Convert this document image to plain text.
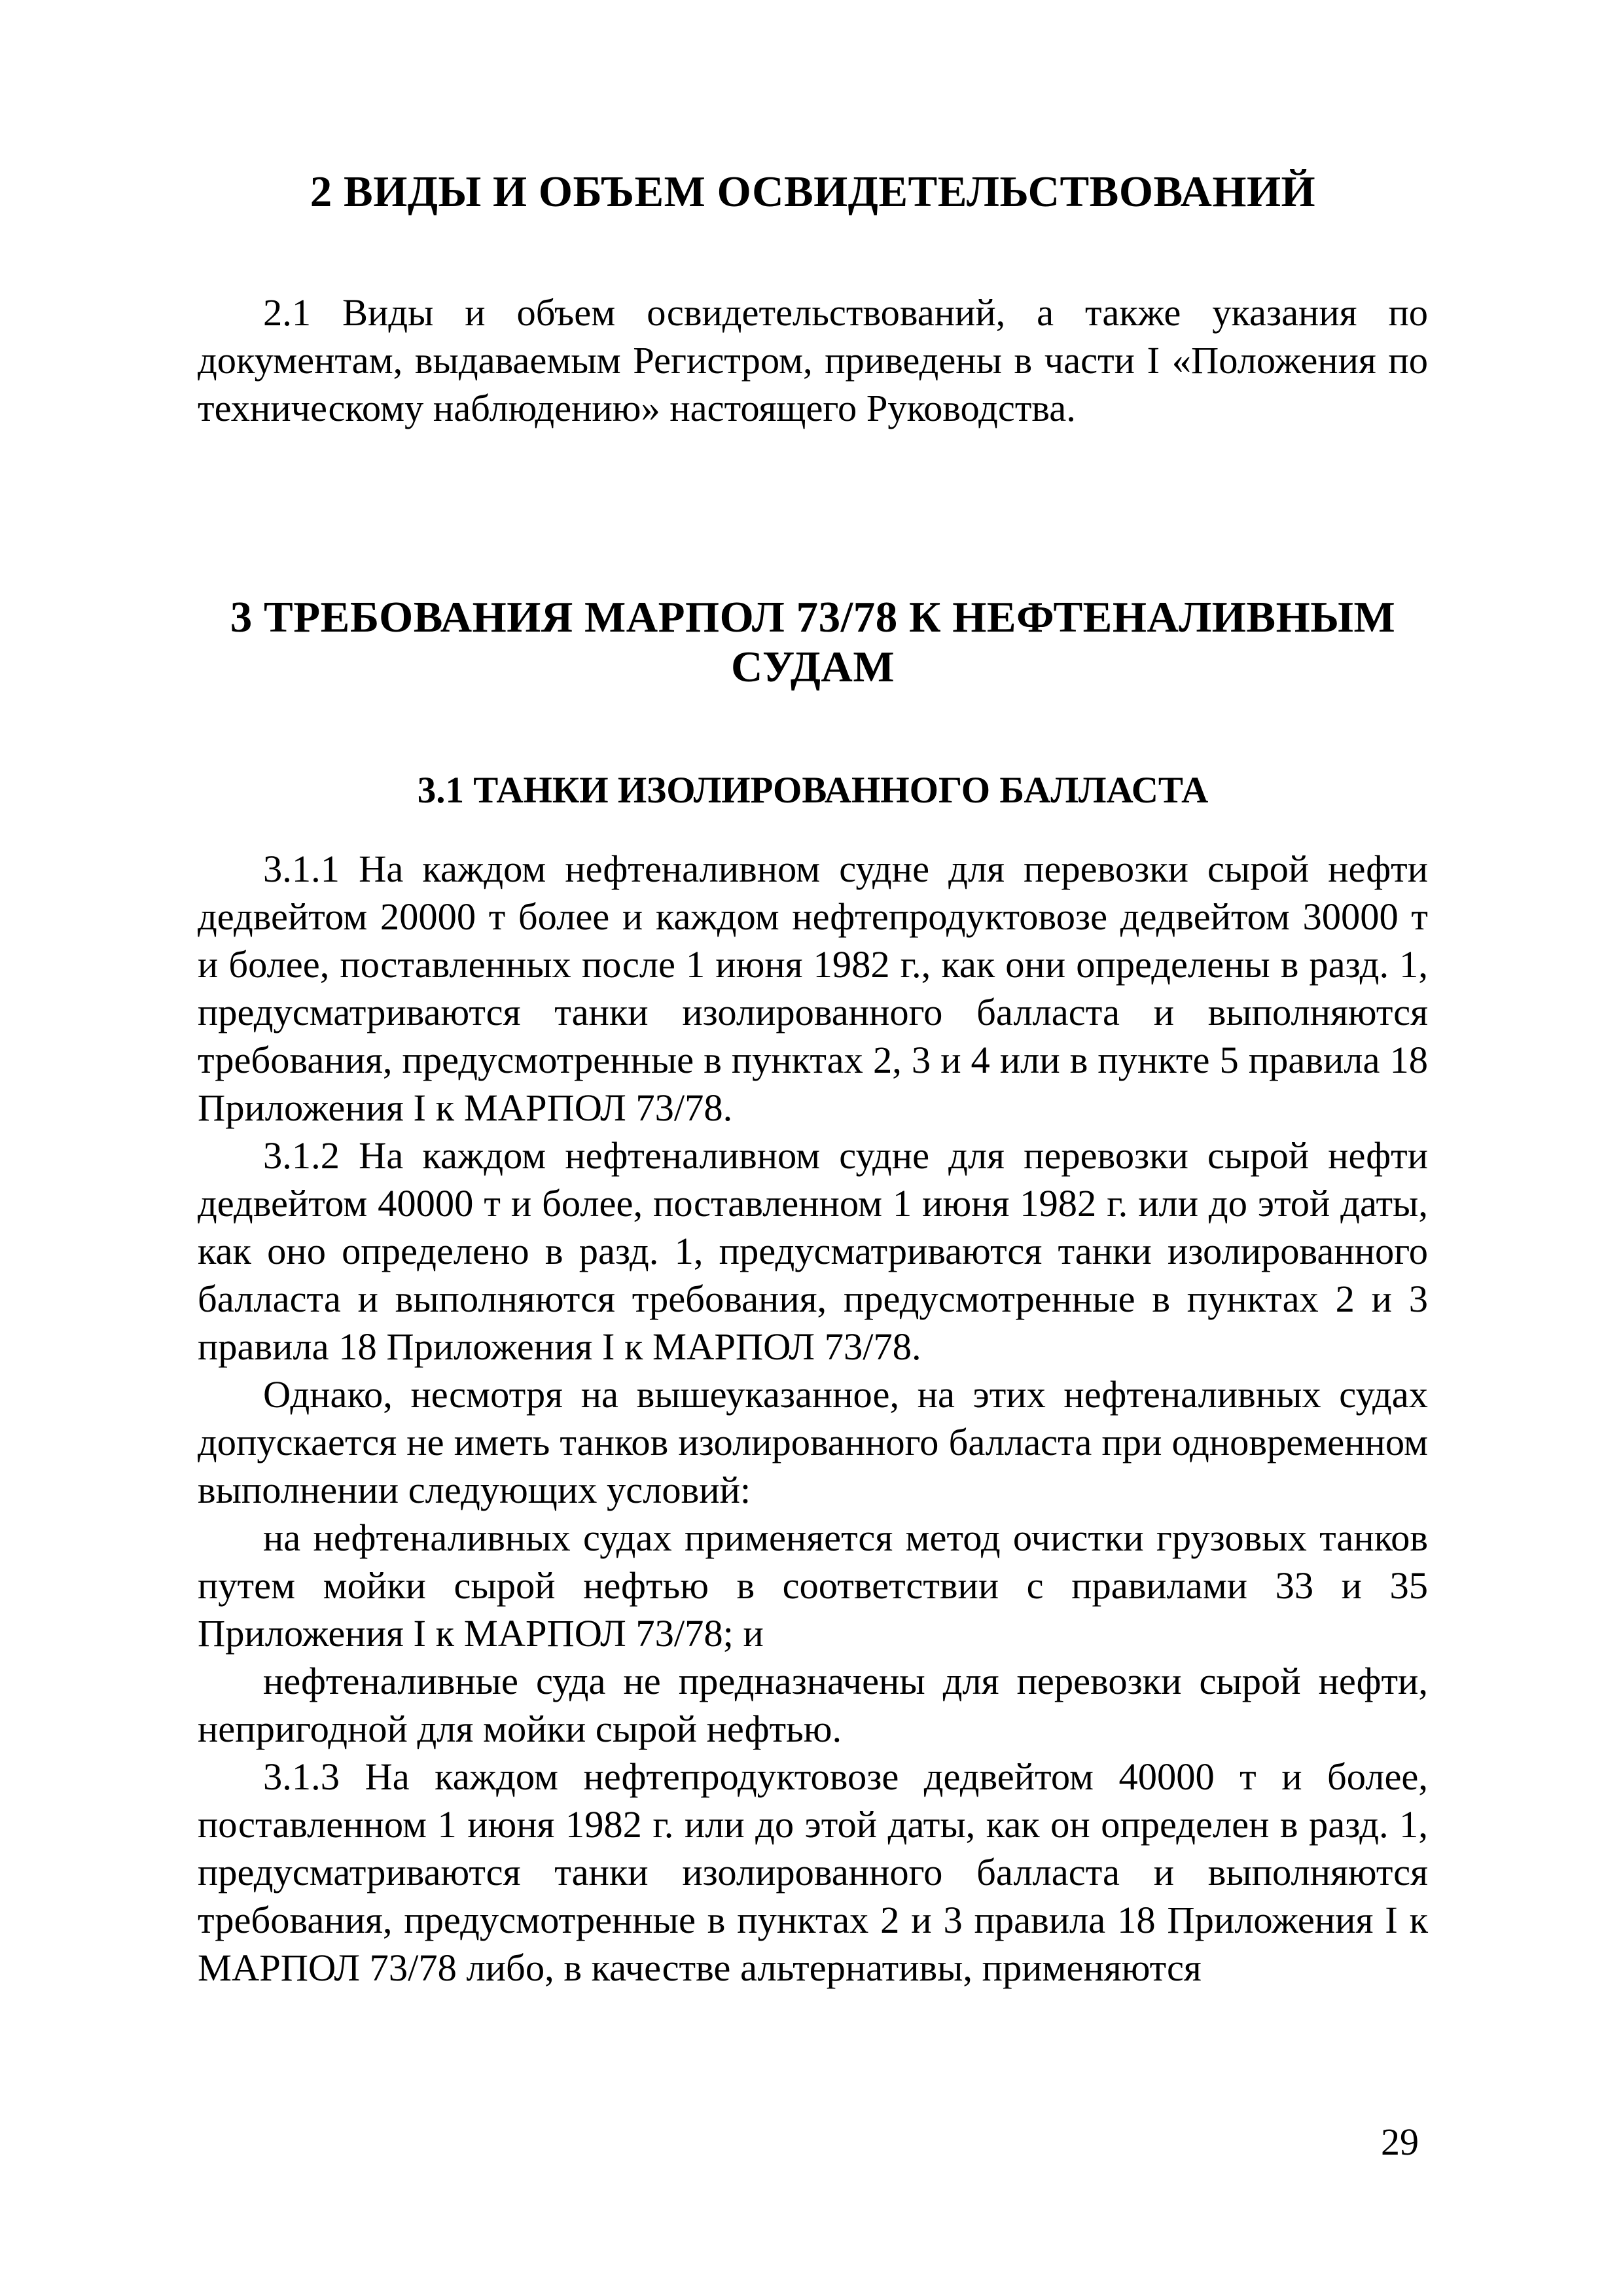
2 ВИДЫ И ОБЪЕМ ОСВИДЕТЕЛЬСТВОВАНИЙ

2.1 Виды и объем освидетельствований, а также указания по документам, выдаваемым Регистром, приведены в части I «Положения по техническому наблюдению» настоящего Руководства.

3 ТРЕБОВАНИЯ МАРПОЛ 73/78 К НЕФТЕНАЛИВНЫМ СУДАМ
3.1 ТАНКИ ИЗОЛИРОВАННОГО БАЛЛАСТА

3.1.1 На каждом нефтеналивном судне для перевозки сырой нефти дедвейтом 20000 т более и каждом нефтепродуктовозе дедвейтом 30000 т и более, поставленных после 1 июня 1982 г., как они определены в разд. 1, предусматриваются танки изолированного балласта и выполняются требования, предусмотренные в пунктах 2, 3 и 4 или в пункте 5 правила 18 Приложения I к МАРПОЛ 73/78.

3.1.2 На каждом нефтеналивном судне для перевозки сырой нефти дедвейтом 40000 т и более, поставленном 1 июня 1982 г. или до этой даты, как оно определено в разд. 1, предусматриваются танки изолированного балласта и выполняются требования, предусмотренные в пунктах 2 и 3 правила 18 Приложения I к МАРПОЛ 73/78.

Однако, несмотря на вышеуказанное, на этих нефтеналивных судах допускается не иметь танков изолированного балласта при одновременном выполнении следующих условий:

на нефтеналивных судах применяется метод очистки грузовых танков путем мойки сырой нефтью в соответствии с правилами 33 и 35 Приложения I к МАРПОЛ 73/78; и

нефтеналивные суда не предназначены для перевозки сырой нефти, непригодной для мойки сырой нефтью.

3.1.3 На каждом нефтепродуктовозе дедвейтом 40000 т и более, поставленном 1 июня 1982 г. или до этой даты, как он определен в разд. 1, предусматриваются танки изолированного балласта и выполняются требования, предусмотренные в пунктах 2 и 3 правила 18 Приложения I к МАРПОЛ 73/78 либо, в качестве альтернативы, применяются

29
